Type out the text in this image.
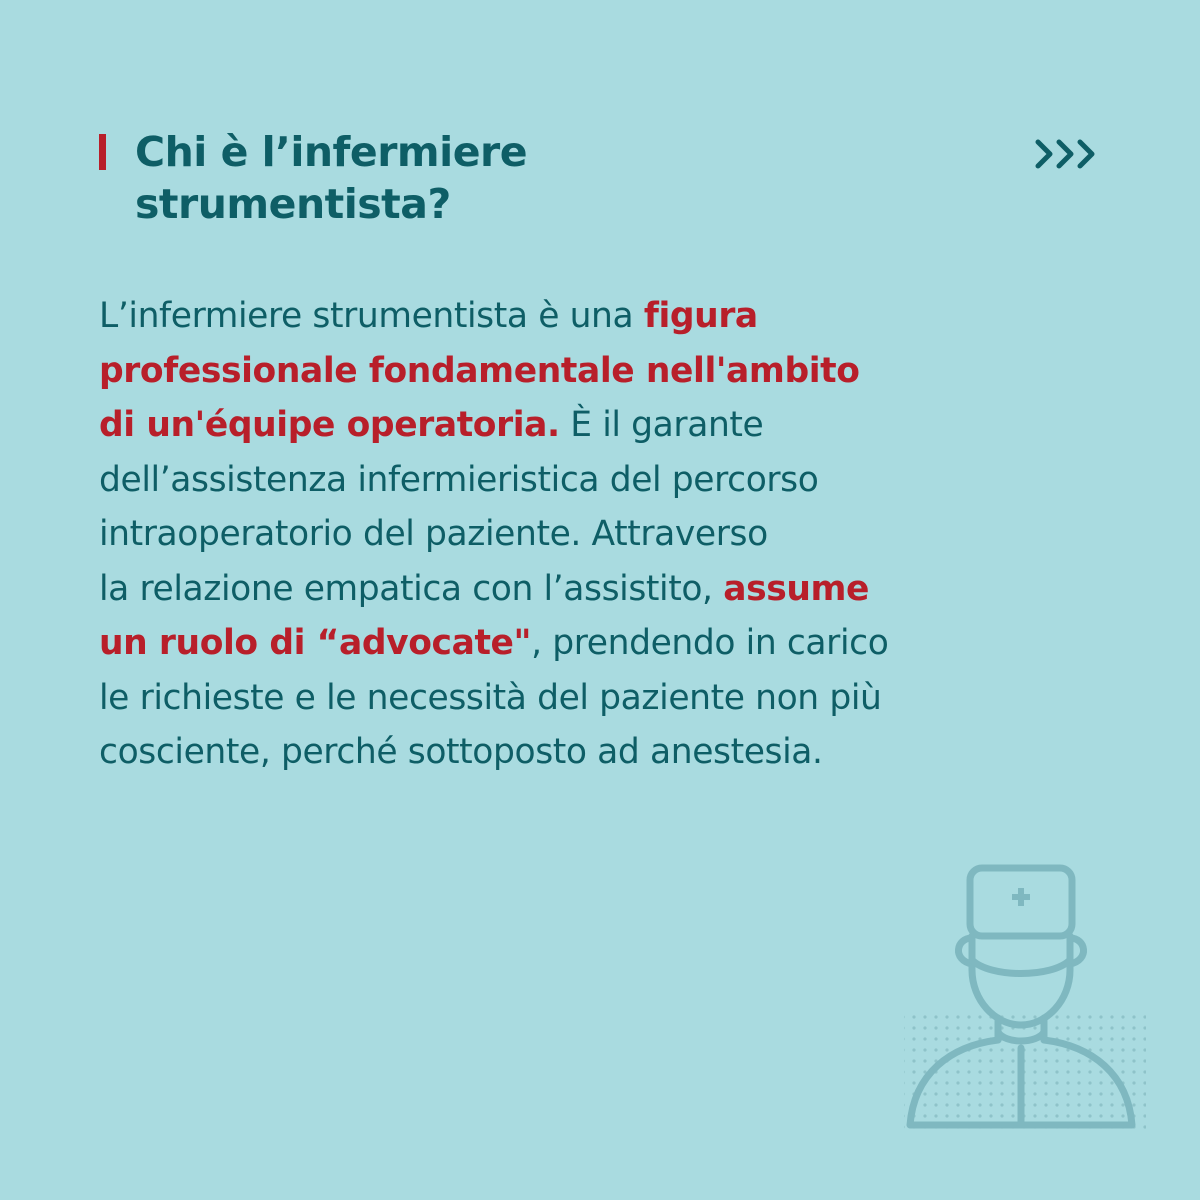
Chi è l’infermiere
strumentista?

L’infermiere strumentista è una figura
professionale fondamentale nell'ambito
di un'équipe operatoria. È il garante
dell’assistenza infermieristica del percorso
intraoperatorio del paziente. Attraverso
la relazione empatica con l’assistito, assume
un ruolo di “advocate", prendendo in carico
le richieste e le necessità del paziente non più
cosciente, perché sottoposto ad anestesia.
